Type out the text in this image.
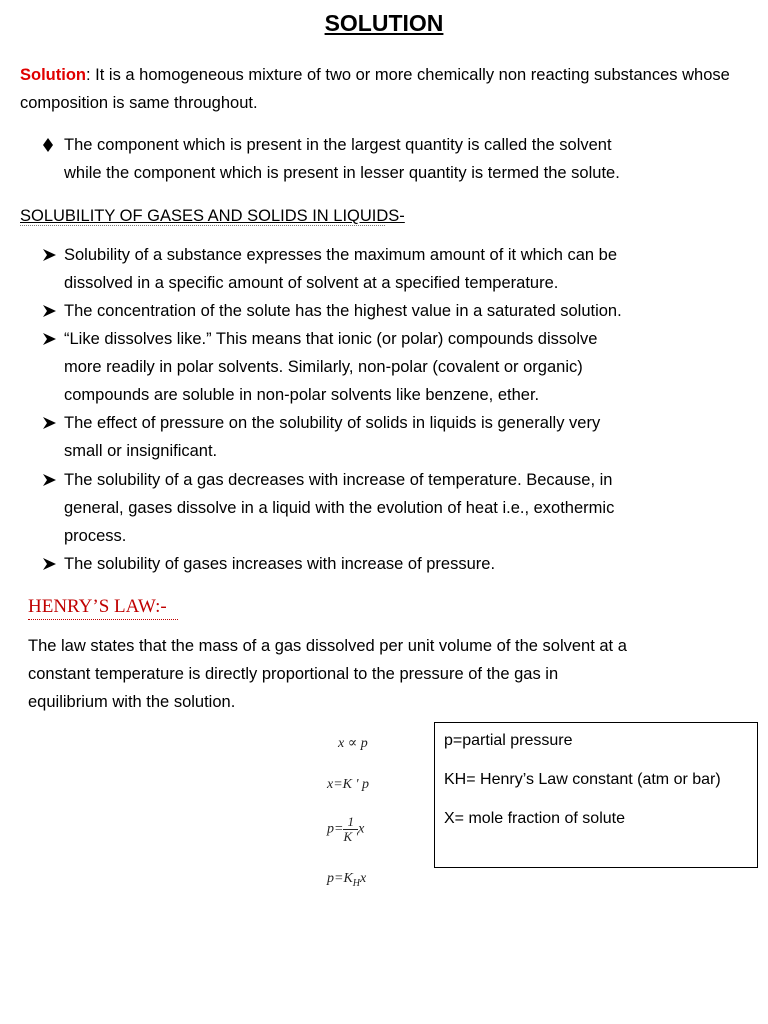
SOLUTION
Solution: It is a homogeneous mixture of two or more chemically non reacting substances whose composition is same throughout.
The component which is present in the largest quantity is called the solvent
while the component which is present in lesser quantity is termed the solute.
SOLUBILITY OF GASES AND SOLIDS IN LIQUIDS-
Solubility of a substance expresses the maximum amount of it which can be
dissolved in a specific amount of solvent at a specified temperature.
The concentration of the solute has the highest value in a saturated solution.
“Like dissolves like.” This means that ionic (or polar) compounds dissolve
more readily in polar solvents. Similarly, non-polar (covalent or organic)
compounds are soluble in non-polar solvents like benzene, ether.
The effect of pressure on the solubility of solids in liquids is generally very
small or insignificant.
The solubility of a gas decreases with increase of temperature. Because, in
general, gases dissolve in a liquid with the evolution of heat i.e., exothermic
process.
The solubility of gases increases with increase of pressure.
HENRY’S LAW:-
The law states that the mass of a gas dissolved per unit volume of the solvent at a
constant temperature is directly proportional to the pressure of the gas in
equilibrium with the solution.
x ∝ p
x=K ' p
$p= \frac{1}{K '}$ x
$p=K_Hx$
p=partial pressure
KH= Henry’s Law constant (atm or bar)
X= mole fraction of solute
